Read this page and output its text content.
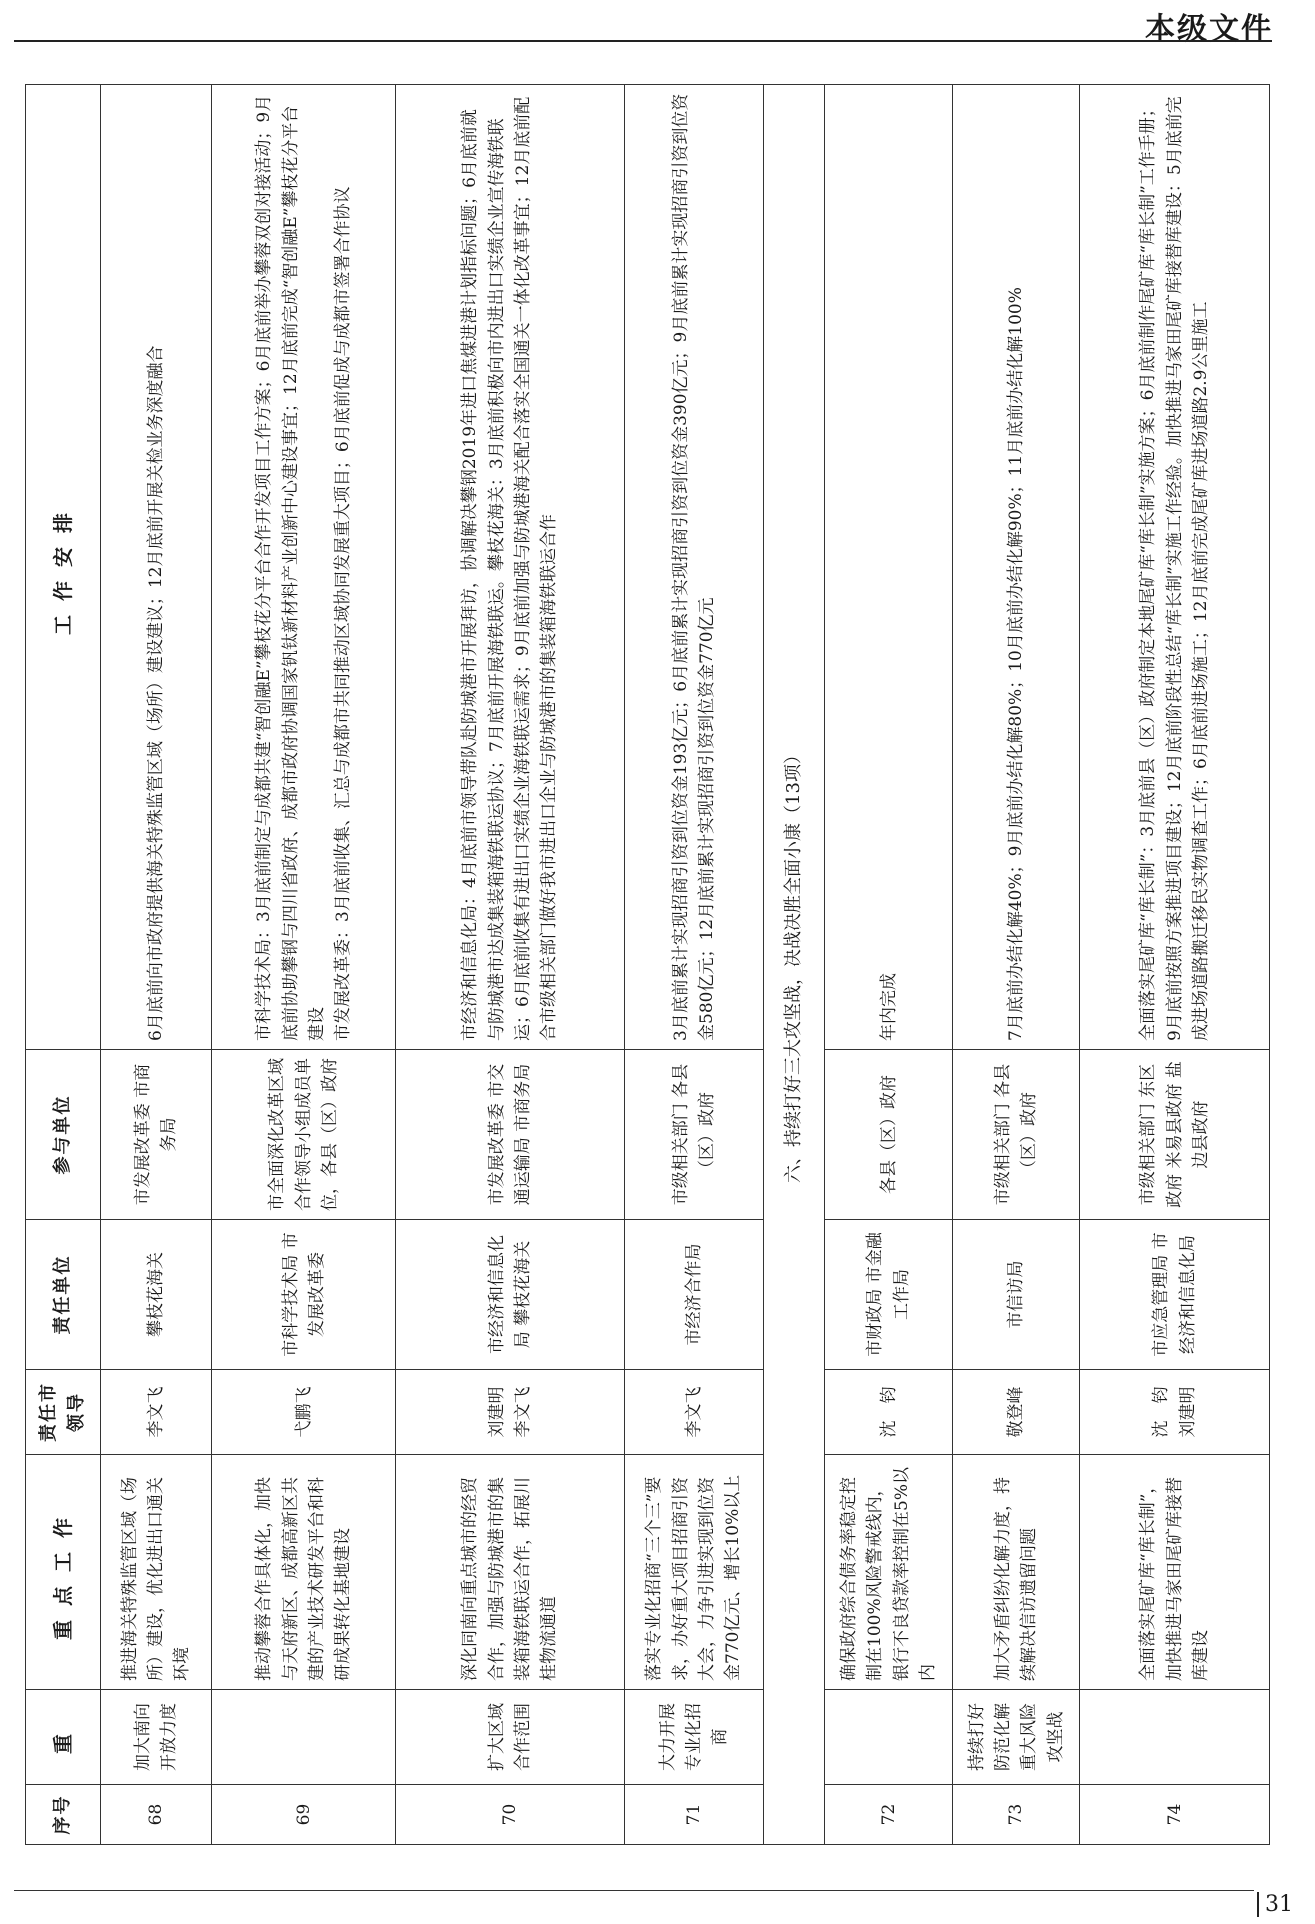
本级文件
序号	重	重点工作	责任市领导	责任单位	参与单位	工作安排
68	加大南向开放力度	推进海关特殊监管区域（场所）建设，优化进出口通关环境	李文飞	攀枝花海关	市发展改革委 市商务局	6月底前向市政府提供海关特殊监管区域（场所）建设建议；12月底前开展关检业务深度融合
69		推动攀蓉合作具体化，加快与天府新区、成都高新区共建的产业技术研发平台和科研成果转化基地建设	弋鹏飞	市科学技术局 市发展改革委	市全面深化改革区域合作领导小组成员单位，各县（区）政府	市科学技术局：3月底前制定与成都共建“智创融E”攀枝花分平台合作开发项目工作方案；6月底前举办攀蓉双创对接活动；9月底前协助攀钢与四川省政府、成都市政府协调国家钒钛新材料产业创新中心建设事宜；12月底前完成“智创融E”攀枝花分平台建设
市发展改革委：3月底前收集、汇总与成都市共同推动区域协同发展重大项目；6月底前促成与成都市签署合作协议
70	扩大区域合作范围	深化同南向重点城市的经贸合作，加强与防城港市的集装箱海铁联运合作，拓展川桂物流通道	刘建明 李文飞	市经济和信息化局 攀枝花海关	市发展改革委 市交通运输局 市商务局	市经济和信息化局：4月底前市领导带队赴防城港市开展拜访，协调解决攀钢2019年进口焦煤进港计划指标问题；6月底前就与防城港市达成集装箱海铁联运协议；7月底前开展海铁联运。攀枝花海关：3月底前积极向市内进出口实绩企业宣传海铁联运；6月底前收集有进出口实绩企业海铁联运需求；9月底前加强与防城港海关配合落实全国通关一体化改革事宜；12月底前配合市级相关部门做好我市进出口企业与防城港市的集装箱海铁联运合作
71	大力开展专业化招商	落实专业化招商“三个三”要求，办好重大项目招商引资大会，力争引进实现到位资金770亿元、增长10%以上	李文飞	市经济合作局	市级相关部门 各县（区）政府	3月底前累计实现招商引资到位资金193亿元；6月底前累计实现招商引资到位资金390亿元；9月底前累计实现招商引资到位资金580亿元；12月底前累计实现招商引资到位资金770亿元
六、持续打好三大攻坚战，决战决胜全面小康（13项）						
72		确保政府综合债务率稳定控制在100%风险警戒线内，银行不良贷款率控制在5%以内	沈　钧	市财政局 市金融工作局	各县（区）政府	年内完成
73	持续打好防范化解重大风险攻坚战	加大矛盾纠纷化解力度，持续解决信访遗留问题	敬登峰	市信访局	市级相关部门 各县（区）政府	7月底前办结化解40%；9月底前办结化解80%；10月底前办结化解90%；11月底前办结化解100%
74		全面落实尾矿库“库长制”，加快推进马家田尾矿库接替库建设	沈　钧 刘建明	市应急管理局 市经济和信息化局	市级相关部门 东区政府 米易县政府 盐边县政府	全面落实尾矿库“库长制”：3月底前县（区）政府制定本地尾矿库“库长制”实施方案；6月底前制作尾矿库“库长制”工作手册；9月底前按照方案推进项目建设；12月底前阶段性总结“库长制”实施工作经验。加快推进马家田尾矿库接替库建设：5月底前完成进场道路搬迁移民实物调查工作；6月底前进场施工；12月底前完成尾矿库进场道路2.9公里施工
31
